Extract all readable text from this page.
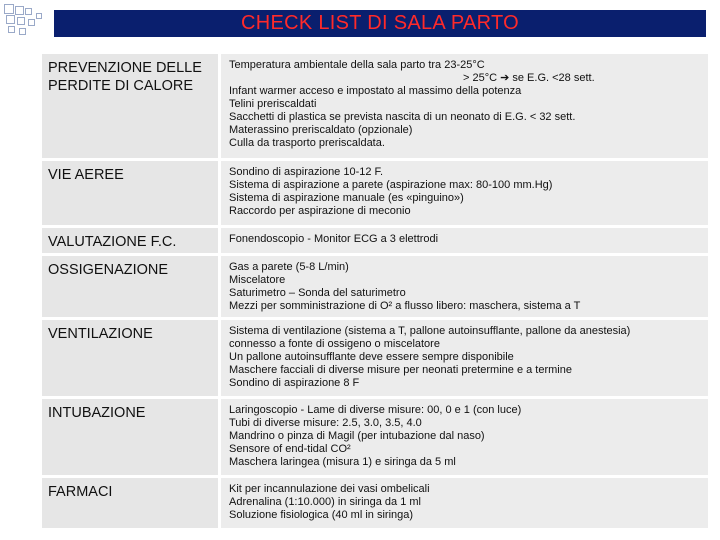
CHECK LIST DI SALA PARTO
PREVENZIONE DELLE PERDITE DI CALORE
Temperatura ambientale della sala parto tra 23-25°C
> 25°C ➔ se E.G. <28 sett.
Infant warmer acceso e impostato al massimo della potenza
Telini preriscaldati
Sacchetti di plastica se prevista nascita di un neonato di E.G. < 32 sett.
Materassino preriscaldato (opzionale)
Culla da trasporto preriscaldata.
VIE AEREE	Sondino di aspirazione 10-12 F.
Sistema di aspirazione a parete (aspirazione max: 80-100 mm.Hg)
Sistema di aspirazione manuale (es «pinguino»)
Raccordo per aspirazione di meconio
VALUTAZIONE F.C.	Fonendoscopio - Monitor ECG a 3 elettrodi
OSSIGENAZIONE	Gas a parete (5-8 L/min)
Miscelatore
Saturimetro – Sonda del saturimetro
Mezzi per somministrazione di O² a flusso libero: maschera, sistema a T
VENTILAZIONE	Sistema di ventilazione (sistema a T, pallone autoinsufflante, pallone da anestesia)
connesso a fonte di ossigeno o miscelatore
Un pallone autoinsufflante deve essere sempre disponibile
Maschere facciali di diverse misure per neonati pretermine e a termine
Sondino di aspirazione 8 F
INTUBAZIONE	Laringoscopio - Lame di diverse misure: 00, 0 e 1 (con luce)
Tubi di diverse misure: 2.5, 3.0, 3.5, 4.0
Mandrino o pinza di Magil (per intubazione dal naso)
Sensore of end-tidal CO²
Maschera laringea (misura 1) e siringa da 5 ml
FARMACI	Kit per incannulazione dei vasi ombelicali
Adrenalina (1:10.000) in siringa da 1 ml
Soluzione fisiologica (40 ml in siringa)
